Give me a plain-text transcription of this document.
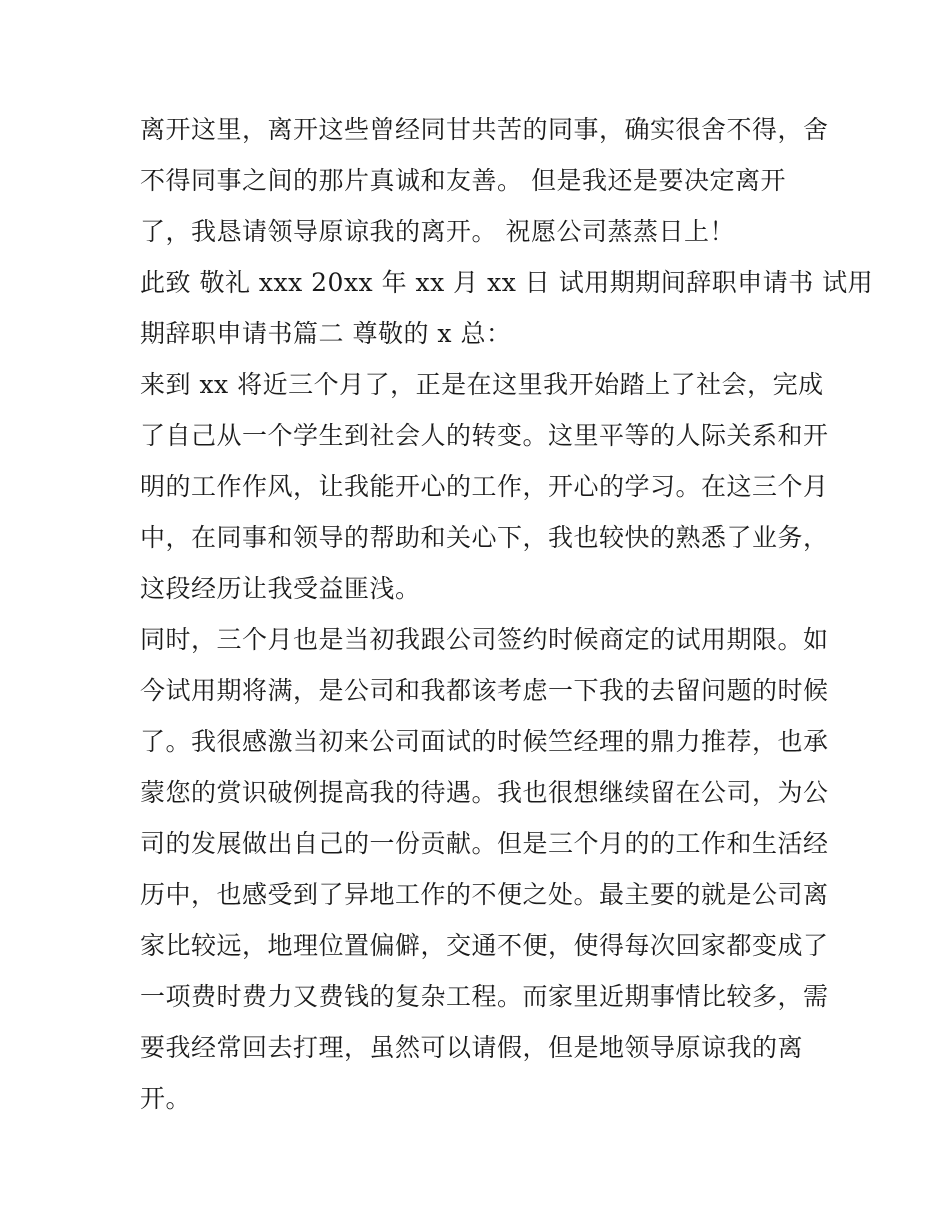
离开这里，离开这些曾经同甘共苦的同事，确实很舍不得，舍
不得同事之间的那片真诚和友善。 但是我还是要决定离开
了，我恳请领导原谅我的离开。 祝愿公司蒸蒸日上！
此致 敬礼 xxx 20xx 年 xx 月 xx 日 试用期期间辞职申请书 试用
期辞职申请书篇二 尊敬的 x 总：
来到 xx 将近三个月了，正是在这里我开始踏上了社会，完成
了自己从一个学生到社会人的转变。这里平等的人际关系和开
明的工作作风，让我能开心的工作，开心的学习。在这三个月
中，在同事和领导的帮助和关心下，我也较快的熟悉了业务，
这段经历让我受益匪浅。
同时，三个月也是当初我跟公司签约时候商定的试用期限。如
今试用期将满，是公司和我都该考虑一下我的去留问题的时候
了。我很感激当初来公司面试的时候竺经理的鼎力推荐，也承
蒙您的赏识破例提高我的待遇。我也很想继续留在公司，为公
司的发展做出自己的一份贡献。但是三个月的的工作和生活经
历中，也感受到了异地工作的不便之处。最主要的就是公司离
家比较远，地理位置偏僻，交通不便，使得每次回家都变成了
一项费时费力又费钱的复杂工程。而家里近期事情比较多，需
要我经常回去打理，虽然可以请假，但是地领导原谅我的离
开。
